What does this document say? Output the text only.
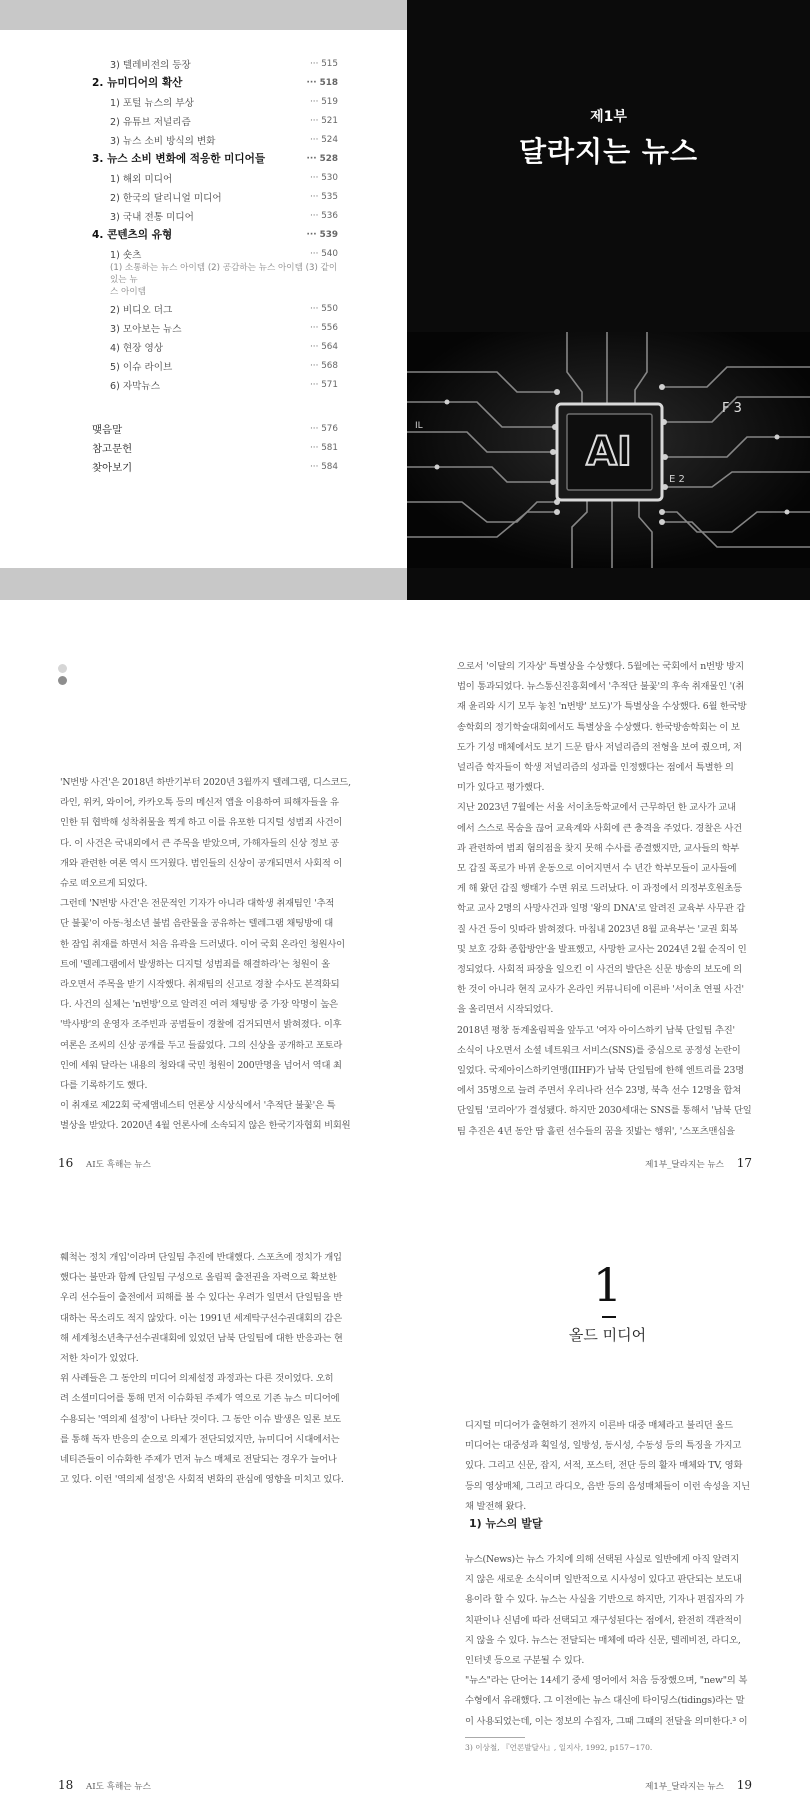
3) 텔레비전의 등장	··· 515
2. 뉴미디어의 확산	··· 518
1) 포털 뉴스의 부상	··· 519
2) 유튜브 저널리즘	··· 521
3) 뉴스 소비 방식의 변화	··· 524
3. 뉴스 소비 변화에 적응한 미디어들	··· 528
1) 해외 미디어	··· 530
2) 한국의 달리니얼 미디어	··· 535
3) 국내 전통 미디어	··· 536
4. 콘텐츠의 유형	··· 539
1) 숏츠	··· 540
(1) 소통하는 뉴스 아이템 (2) 공감하는 뉴스 아이템 (3) 같이 있는 뉴
스 아이템
2) 비디오 더그	··· 550
3) 모아보는 뉴스	··· 556
4) 현장 영상	··· 564
5) 이슈 라이브	··· 568
6) 자막뉴스	··· 571
맺음말	··· 576
참고문헌	··· 581
찾아보기	··· 584
제1부
달라지는 뉴스
AI
F 3
E 2
IL

'N번방 사건'은 2018년 하반기부터 2020년 3월까지 텔레그램, 디스코드,

라인, 위커, 와이어, 카카오톡 등의 메신저 앱을 이용하여 피해자들을 유

인한 뒤 협박해 성착취물을 찍게 하고 이를 유포한 디지털 성범죄 사건이

다. 이 사건은 국내외에서 큰 주목을 받았으며, 가해자들의 신상 정보 공

개와 관련한 여론 역시 뜨거웠다. 범인들의 신상이 공개되면서 사회적 이

슈로 떠오르게 되었다.

그런데 'N번방 사건'은 전문적인 기자가 아니라 대학생 취재팀인 '추적

단 불꽃'이 아동·청소년 불법 음란물을 공유하는 텔레그램 채팅방에 대

한 잠입 취재를 하면서 처음 유곽을 드러냈다. 이어 국회 온라인 청원사이

트에 '텔레그램에서 발생하는 디지털 성범죄를 해결하라'는 청원이 올

라오면서 주목을 받기 시작했다. 취재팀의 신고로 경찰 수사도 본격화되

다. 사건의 실체는 'n번방'으로 알려진 여러 채팅방 중 가장 악명이 높은

'박사방'의 운영자 조주빈과 공범들이 경찰에 검거되면서 밝혀졌다. 이후

여론은 조씨의 신상 공개를 두고 들끓었다. 그의 신상을 공개하고 포토라

인에 세워 달라는 내용의 청와대 국민 청원이 200만명을 넘어서 역대 최

다를 기록하기도 했다.

이 취재로 제22회 국제앰네스티 언론상 시상식에서 '추적단 불꽃'은 특

별상을 받았다. 2020년 4월 언론사에 소속되지 않은 한국기자협회 비회원

16 AI도 흑해는 뉴스

으로서 '이달의 기자상' 특별상을 수상했다. 5월에는 국회에서 n번방 방지

법이 통과되었다. 뉴스통신진흥회에서 '추적단 불꽃'의 후속 취재물인 '(취

재 윤리와 시기 모두 놓친 'n번방' 보도)'가 특별상을 수상했다. 6월 한국방

송학회의 정기학술대회에서도 특별상을 수상했다. 한국방송학회는 이 보

도가 기성 매체에서도 보기 드문 탐사 저널리즘의 전형을 보여 줬으며, 저

널리즘 학자들이 학생 저널리즘의 성과를 인정했다는 점에서 특별한 의

미가 있다고 평가했다.

지난 2023년 7월에는 서울 서이초등학교에서 근무하던 한 교사가 교내

에서 스스로 목숨을 끊어 교육계와 사회에 큰 충격을 주었다. 경찰은 사건

과 관련하여 범죄 혐의점을 찾지 못해 수사를 종결했지만, 교사들의 학부

모 갑질 폭로가 바뀌 운동으로 이어지면서 수 년간 학부모들이 교사들에

게 해 왔던 갑질 행태가 수면 위로 드러났다. 이 과정에서 의정부호원초등

학교 교사 2명의 사망사건과 일명 '왕의 DNA'로 알려진 교육부 사무관 갑

질 사건 등이 잇따라 밝혀졌다. 마침내 2023년 8월 교육부는 '교권 회복

및 보호 강화 종합방안'을 발표했고, 사망한 교사는 2024년 2월 순직이 인

정되었다. 사회적 파장을 일으킨 이 사건의 발단은 신문 방송의 보도에 의

한 것이 아니라 현직 교사가 온라인 커뮤니티에 이른바 '서이초 연필 사건'

을 올리면서 시작되었다.

2018년 평창 동계올림픽을 앞두고 '여자 아이스하키 남북 단일팀 추진'

소식이 나오면서 소셜 네트워크 서비스(SNS)를 중심으로 공정성 논란이

일었다. 국제아이스하키연맹(IIHF)가 남북 단일팀에 한해 엔트리를 23명

에서 35명으로 늘려 주면서 우리나라 선수 23명, 북측 선수 12명을 합쳐

단일팀 '코리아'가 결성됐다. 하지만 2030세대는 SNS를 통해서 '남북 단일

팀 추진은 4년 동안 땀 흘린 선수들의 꿈을 짓밟는 행위', '스포츠맨십을

제1부_달라지는 뉴스 17

훼척는 정치 개입'이라며 단일팀 추진에 반대했다. 스포츠에 정치가 개입

했다는 불만과 함께 단일팀 구성으로 올림픽 출전권을 자력으로 확보한

우리 선수들이 출전에서 피해를 볼 수 있다는 우려가 일면서 단일팀을 반

대하는 목소리도 적지 않았다. 이는 1991년 세계탁구선수권대회의 감은

해 세계청소년축구선수권대회에 있었던 남북 단일팀에 대한 반응과는 현

저한 차이가 있었다.

위 사례들은 그 동안의 미디어 의제설정 과정과는 다른 것이었다. 오히

려 소셜미디어를 통해 먼저 이슈화된 주제가 역으로 기존 뉴스 미디어에

수용되는 '역의제 설정'이 나타난 것이다. 그 동안 이슈 발생은 일론 보도

를 통해 독자 반응의 순으로 의제가 전단되었지만, 뉴미디어 시대에서는

네티즌들이 이슈화한 주제가 먼저 뉴스 매체로 전달되는 경우가 늘어나

고 있다. 이런 '역의제 설정'은 사회적 변화의 관심에 영향을 미치고 있다.

18 AI도 흑해는 뉴스
1
올드 미디어

디지털 미디어가 출현하기 전까지 이른바 대중 매체라고 불리던 올드

미디어는 대중성과 획일성, 일방성, 동시성, 수동성 등의 특징을 가지고

있다. 그리고 신문, 잡지, 서적, 포스터, 전단 등의 활자 매체와 TV, 영화

등의 영상매체, 그리고 라디오, 음반 등의 음성매체들이 이런 속성을 지닌

채 발전해 왔다.

1) 뉴스의 발달

뉴스(News)는 뉴스 가치에 의해 선택된 사실로 일반에게 아직 알려지

지 않은 새로운 소식이며 일반적으로 시사성이 있다고 판단되는 보도내

용이라 할 수 있다. 뉴스는 사실을 기반으로 하지만, 기자나 편집자의 가

치판이나 신념에 따라 선택되고 재구성된다는 점에서, 완전히 객관적이

지 않을 수 있다. 뉴스는 전달되는 매체에 따라 신문, 텔레비전, 라디오,

인터넷 등으로 구분될 수 있다.

"뉴스"라는 단어는 14세기 중세 영어에서 처음 등장했으며, "new"의 복

수형에서 유래했다. 그 이전에는 뉴스 대신에 타이딩스(tidings)라는 말

이 사용되었는데, 이는 정보의 수집자, 그때 그때의 전달을 의미한다.³ 이

3) 이상철, 『언론발달사』, 일지사, 1992, p157~170.
제1부_달라지는 뉴스 19
